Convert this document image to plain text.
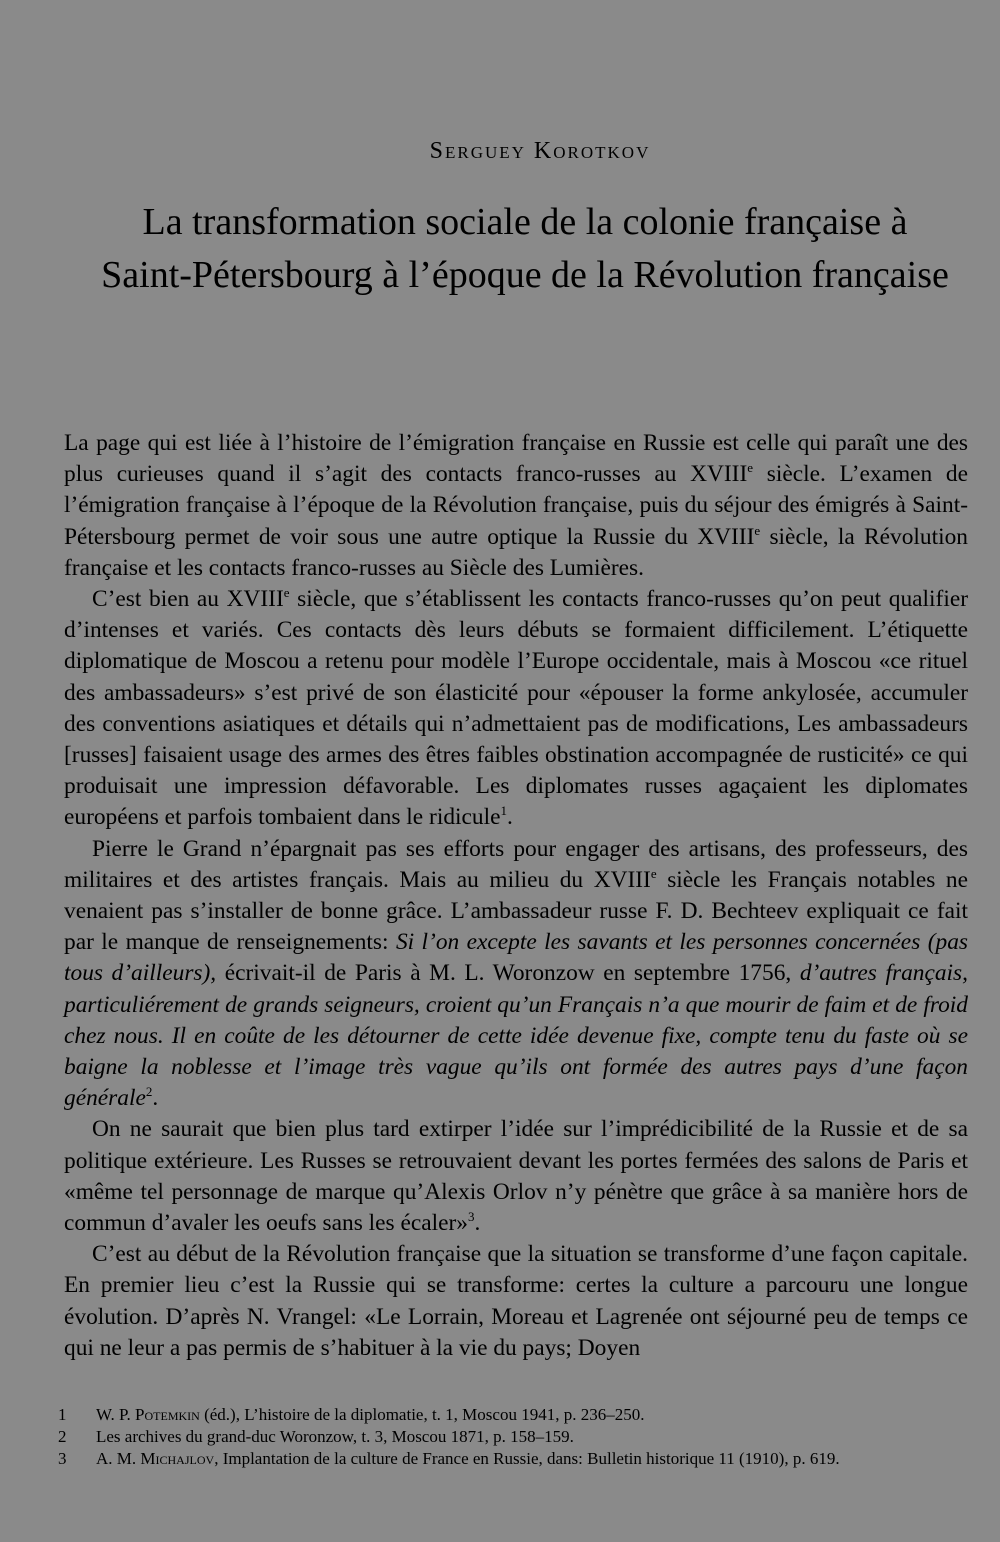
Serguey Korotkov
La transformation sociale de la colonie française à
Saint-Pétersbourg à l’époque de la Révolution française

La page qui est liée à l’histoire de l’émigration française en Russie est celle qui paraît une des plus curieuses quand il s’agit des contacts franco-russes au XVIIIe siècle. L’examen de l’émigration française à l’époque de la Révolution française, puis du séjour des émigrés à Saint-Pétersbourg permet de voir sous une autre optique la Russie du XVIIIe siècle, la Révolution française et les contacts franco-russes au Siècle des Lumières.

C’est bien au XVIIIe siècle, que s’établissent les contacts franco-russes qu’on peut qualifier d’intenses et variés. Ces contacts dès leurs débuts se formaient difficilement. L’étiquette diplomatique de Moscou a retenu pour modèle l’Europe occidentale, mais à Moscou «ce rituel des ambassadeurs» s’est privé de son élasticité pour «épouser la forme ankylosée, accumuler des conventions asiatiques et détails qui n’admettaient pas de modifications, Les ambassadeurs [russes] faisaient usage des armes des êtres faibles obstination accompagnée de rusticité» ce qui produisait une impression défavorable. Les diplomates russes agaçaient les diplomates européens et parfois tombaient dans le ridicule$^1$.

Pierre le Grand n’épargnait pas ses efforts pour engager des artisans, des professeurs, des militaires et des artistes français. Mais au milieu du XVIIIe siècle les Français notables ne venaient pas s’installer de bonne grâce. L’ambassadeur russe F. D. Bechteev expliquait ce fait par le manque de renseignements: Si l’on excepte les savants et les personnes concernées (pas tous d’ailleurs), écrivait-il de Paris à M. L. Woronzow en septembre 1756, d’autres français, particuliérement de grands seigneurs, croient qu’un Français n’a que mourir de faim et de froid chez nous. Il en coûte de les détourner de cette idée devenue fixe, compte tenu du faste où se baigne la noblesse et l’image très vague qu’ils ont formée des autres pays d’une façon générale$^2$.

On ne saurait que bien plus tard extirper l’idée sur l’imprédicibilité de la Russie et de sa politique extérieure. Les Russes se retrouvaient devant les portes fermées des salons de Paris et «même tel personnage de marque qu’Alexis Orlov n’y pénètre que grâce à sa manière hors de commun d’avaler les oeufs sans les écaler»$^3$.

C’est au début de la Révolution française que la situation se transforme d’une façon capitale. En premier lieu c’est la Russie qui se transforme: certes la culture a parcouru une longue évolution. D’après N. Vrangel: «Le Lorrain, Moreau et Lagrenée ont séjourné peu de temps ce qui ne leur a pas permis de s’habituer à la vie du pays; Doyen

1	W. P. Potemkin (éd.), L’histoire de la diplomatie, t. 1, Moscou 1941, p. 236–250.
2	Les archives du grand-duc Woronzow, t. 3, Moscou 1871, p. 158–159.
3	A. M. Michajlov, Implantation de la culture de France en Russie, dans: Bulletin historique 11 (1910), p. 619.
